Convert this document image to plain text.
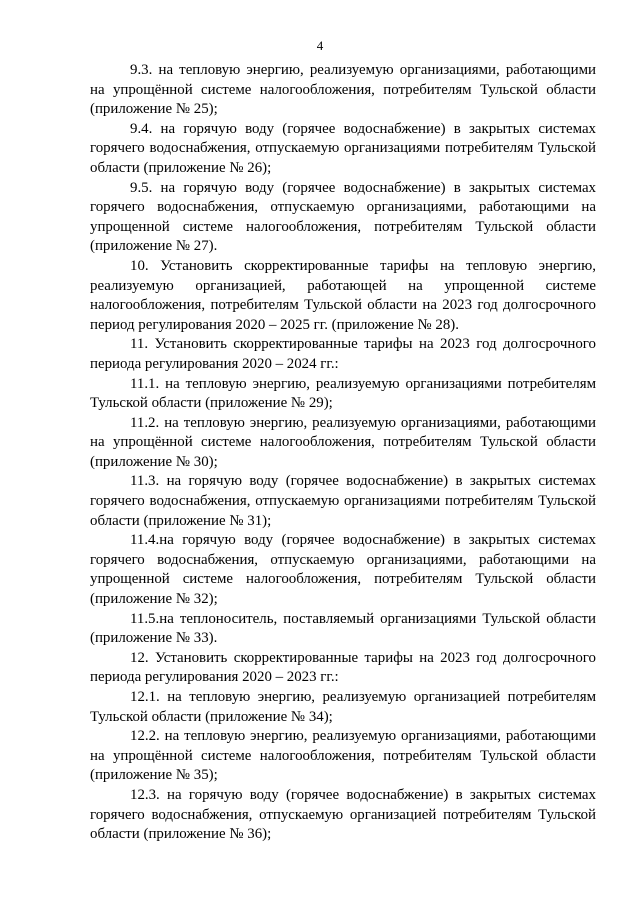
4

9.3. на тепловую энергию, реализуемую организациями, работающими на упрощённой системе налогообложения, потребителям Тульской области (приложение № 25);

9.4. на горячую воду (горячее водоснабжение) в закрытых системах горячего водоснабжения, отпускаемую организациями потребителям Тульской области (приложение № 26);

9.5. на горячую воду (горячее водоснабжение) в закрытых системах горячего водоснабжения, отпускаемую организациями, работающими на упрощенной системе налогообложения, потребителям Тульской области (приложение № 27).

10. Установить скорректированные тарифы на тепловую энергию, реализуемую организацией, работающей на упрощенной системе налогообложения, потребителям Тульской области на 2023 год долгосрочного период регулирования 2020 – 2025 гг. (приложение № 28).

11. Установить скорректированные тарифы на 2023 год долгосрочного периода регулирования 2020 – 2024 гг.:

11.1. на тепловую энергию, реализуемую организациями потребителям Тульской области (приложение № 29);

11.2. на тепловую энергию, реализуемую организациями, работающими на упрощённой системе налогообложения, потребителям Тульской области (приложение № 30);

11.3. на горячую воду (горячее водоснабжение) в закрытых системах горячего водоснабжения, отпускаемую организациями потребителям Тульской области (приложение № 31);

11.4.на горячую воду (горячее водоснабжение) в закрытых системах горячего водоснабжения, отпускаемую организациями, работающими на упрощенной системе налогообложения, потребителям Тульской области (приложение № 32);

11.5.на теплоноситель, поставляемый организациями Тульской области (приложение № 33).

12. Установить скорректированные тарифы на 2023 год долгосрочного периода регулирования 2020 – 2023 гг.:

12.1. на тепловую энергию, реализуемую организацией потребителям Тульской области (приложение № 34);

12.2. на тепловую энергию, реализуемую организациями, работающими на упрощённой системе налогообложения, потребителям Тульской области (приложение № 35);

12.3. на горячую воду (горячее водоснабжение) в закрытых системах горячего водоснабжения, отпускаемую организацией потребителям Тульской области (приложение № 36);
